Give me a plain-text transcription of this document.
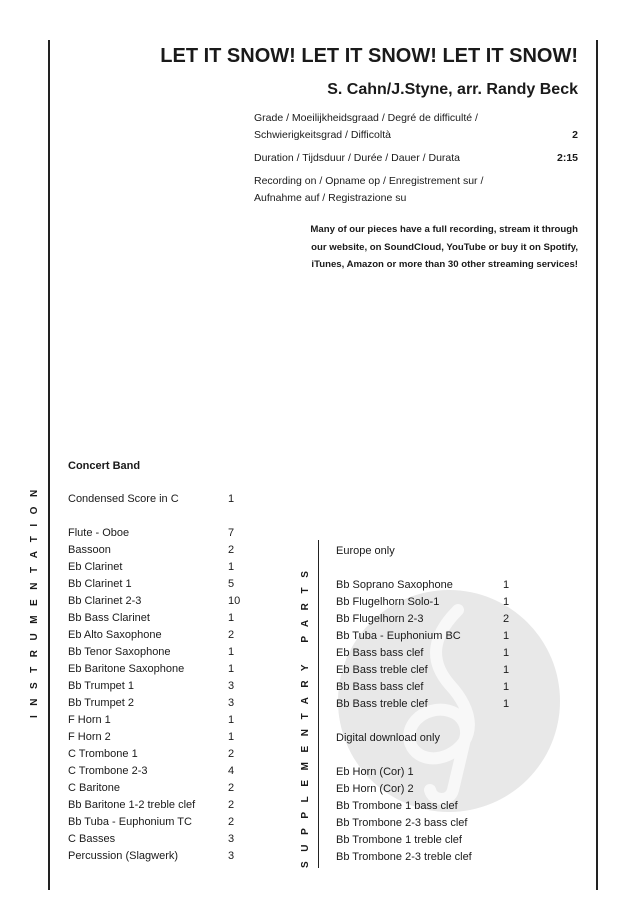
LET IT SNOW! LET IT SNOW! LET IT SNOW!
S. Cahn/J.Styne, arr. Randy Beck
Grade / Moeilijkheidsgraad / Degré de difficulté /
Schwierigkeitsgrad / Difficoltà	2
Duration / Tijdsduur / Durée / Dauer / Durata	2:15
Recording on / Opname op / Enregistrement sur /
Aufnahme auf / Registrazione su
Many of our pieces have a full recording, stream it through
our website, on SoundCloud, YouTube or buy it on Spotify,
iTunes, Amazon or more than 30 other streaming services!
INSTRUMENTATION	SUPPLEMENTARY PARTS
Concert Band
Condensed Score in C	1
Flute - Oboe	7
Bassoon	2
Eb Clarinet	1
Bb Clarinet 1	5
Bb Clarinet 2-3	10
Bb Bass Clarinet	1
Eb Alto Saxophone	2
Bb Tenor Saxophone	1
Eb Baritone Saxophone	1
Bb Trumpet 1	3
Bb Trumpet 2	3
F Horn 1	1
F Horn 2	1
C Trombone 1	2
C Trombone 2-3	4
C Baritone	2
Bb Baritone 1-2 treble clef	2
Bb Tuba - Euphonium TC	2
C Basses	3
Percussion (Slagwerk)	3
Europe only
Digital download only
Bb Soprano Saxophone	1
Bb Flugelhorn Solo-1	1
Bb Flugelhorn 2-3	2
Bb Tuba - Euphonium BC	1
Eb Bass bass clef	1
Eb Bass treble clef	1
Bb Bass bass clef	1
Bb Bass treble clef	1
Eb Horn (Cor) 1
Eb Horn (Cor) 2
Bb Trombone 1 bass clef
Bb Trombone 2-3 bass clef
Bb Trombone 1 treble clef
Bb Trombone 2-3 treble clef
